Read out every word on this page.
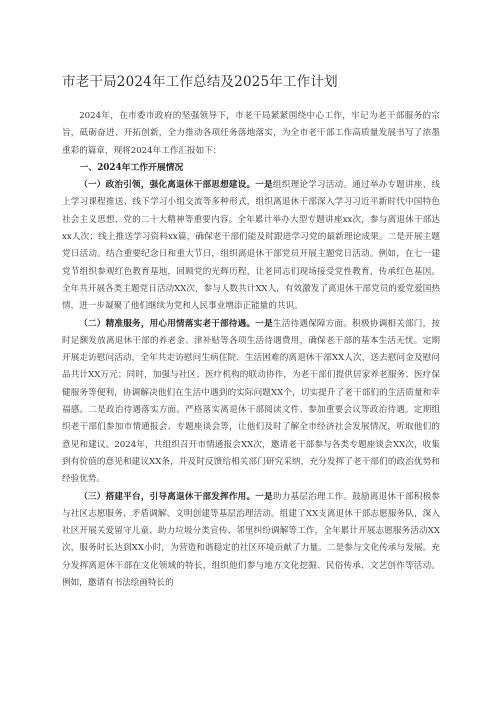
市老干局2024年工作总结及2025年工作计划

2024年，在市委市政府的坚强领导下，市老干局紧紧围绕中心工作，牢记为老干部服务的宗旨，砥砺奋进、开拓创新，全力推动各项任务落地落实，为全市老干部工作高质量发展书写了浓墨重彩的篇章，现将2024年工作汇报如下：

一、2024年工作开展情况

（一）政治引领，强化离退休干部思想建设。一是组织理论学习活动。通过举办专题讲座、线上学习课程推送、线下学习小组交流等多种形式，组织离退休干部深入学习习近平新时代中国特色社会主义思想、党的二十大精神等重要内容。全年累计举办大型专题讲座xx次，参与离退休干部达xx人次；线上推送学习资料xx篇，确保老干部们能及时跟进学习党的最新理论成果。二是开展主题党日活动。结合重要纪念日和重大节日，组织离退休干部党员开展主题党日活动。例如，在七一建党节组织参观红色教育基地，回顾党的光辉历程，让老同志们现场接受党性教育，传承红色基因。全年共开展各类主题党日活动XX次，参与人数共计XX人，有效激发了离退休干部党员的爱党爱国热情，进一步凝聚了他们继续为党和人民事业增添正能量的共识。

（二）精准服务，用心用情落实老干部待遇。一是生活待遇保障方面。积极协调相关部门，按时足额发放离退休干部的养老金、津补贴等各项生活待遇费用，确保老干部的基本生活无忧。定期开展走访慰问活动，全年共走访慰问生病住院、生活困难的离退休干部XX人次，送去慰问金及慰问品共计XX万元；同时，加强与社区、医疗机构的联动协作，为老干部们提供居家养老服务、医疗保健服务等便利，协调解决他们在生活中遇到的实际问题XX个，切实提升了老干部们的生活质量和幸福感。二是政治待遇落实方面。严格落实离退休干部阅读文件、参加重要会议等政治待遇。定期组织老干部们参加市情通报会、专题座谈会等，让他们及时了解全市经济社会发展情况，听取他们的意见和建议。2024年，共组织召开市情通报会XX次，邀请老干部参与各类专题座谈会XX次，收集到有价值的意见和建议XX条，并及时反馈给相关部门研究采纳，充分发挥了老干部们的政治优势和经验优势。

（三）搭建平台，引导离退休干部发挥作用。一是助力基层治理工作。鼓励离退休干部积极参与社区志愿服务、矛盾调解、文明创建等基层治理活动。组建了XX支离退休干部志愿服务队，深入社区开展关爱留守儿童、助力垃圾分类宣传、邻里纠纷调解等工作，全年累计开展志愿服务活动XX次，服务时长达到XX小时，为营造和谐稳定的社区环境贡献了力量。二是参与文化传承与发展。充分发挥离退休干部在文化领域的特长，组织他们参与地方文化挖掘、民俗传承、文艺创作等活动。例如，邀请有书法绘画特长的
